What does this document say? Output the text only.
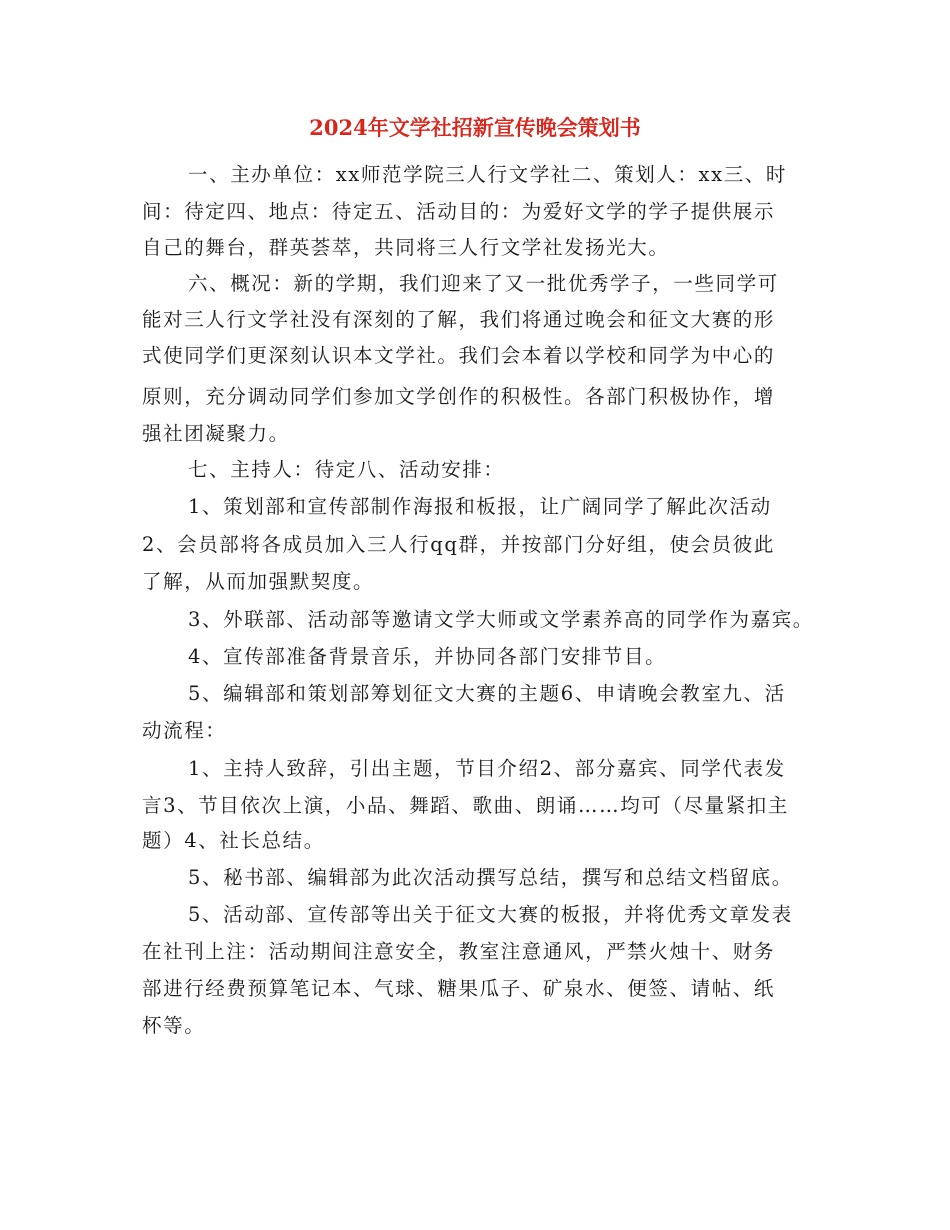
2024年文学社招新宣传晚会策划书
一、主办单位：xx师范学院三人行文学社二、策划人：xx三、时
间：待定四、地点：待定五、活动目的：为爱好文学的学子提供展示
自己的舞台，群英荟萃，共同将三人行文学社发扬光大。
六、概况：新的学期，我们迎来了又一批优秀学子，一些同学可
能对三人行文学社没有深刻的了解，我们将通过晚会和征文大赛的形
式使同学们更深刻认识本文学社。我们会本着以学校和同学为中心的
原则，充分调动同学们参加文学创作的积极性。各部门积极协作，增
强社团凝聚力。
七、主持人：待定八、活动安排：
1、策划部和宣传部制作海报和板报，让广阔同学了解此次活动
2、会员部将各成员加入三人行qq群，并按部门分好组，使会员彼此
了解，从而加强默契度。
3、外联部、活动部等邀请文学大师或文学素养高的同学作为嘉宾。
4、宣传部准备背景音乐，并协同各部门安排节目。
5、编辑部和策划部筹划征文大赛的主题6、申请晚会教室九、活
动流程：
1、主持人致辞，引出主题，节目介绍2、部分嘉宾、同学代表发
言3、节目依次上演，小品、舞蹈、歌曲、朗诵……均可（尽量紧扣主
题）4、社长总结。
5、秘书部、编辑部为此次活动撰写总结，撰写和总结文档留底。
5、活动部、宣传部等出关于征文大赛的板报，并将优秀文章发表
在社刊上注：活动期间注意安全，教室注意通风，严禁火烛十、财务
部进行经费预算笔记本、气球、糖果瓜子、矿泉水、便签、请帖、纸
杯等。
